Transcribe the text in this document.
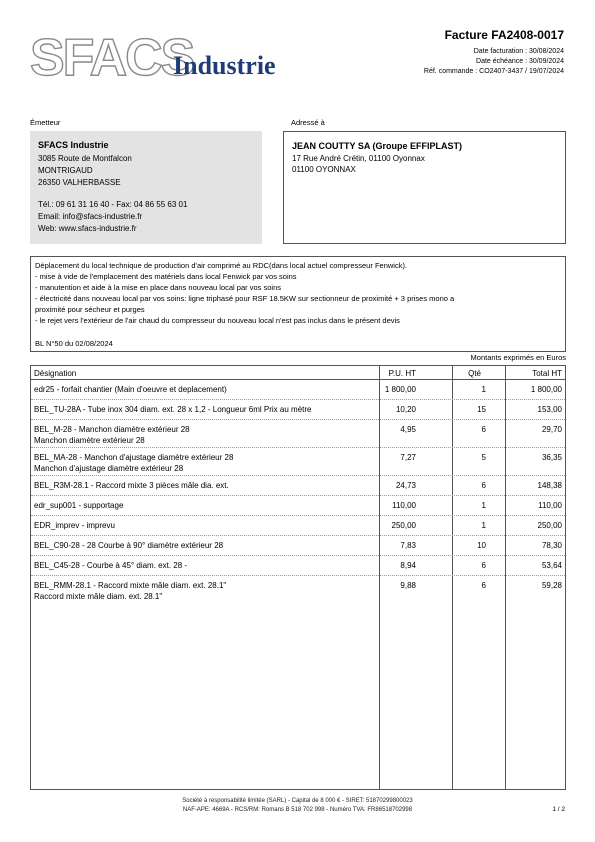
SFACS
Industrie
Facture FA2408-0017
Date facturation : 30/08/2024
Date échéance : 30/09/2024
Réf. commande : CO2407-3437 / 19/07/2024
Émetteur	Adressé à
SFACS Industrie
3085 Route de Montfalcon
MONTRIGAUD
26350 VALHERBASSE
Tél.: 09 61 31 16 40 - Fax: 04 86 55 63 01
Email: info@sfacs-industrie.fr
Web: www.sfacs-industrie.fr
JEAN COUTTY SA (Groupe EFFIPLAST)
17 Rue André Crétin, 01100 Oyonnax
01100 OYONNAX
Déplacement du local technique de production d'air comprimé au RDC(dans local actuel compresseur Fenwick).
- mise à vide de l'emplacement des matériels dans local Fenwick par vos soins
- manutention et aide à la mise en place dans nouveau local par vos soins
- électricité dans nouveau local par vos soins: ligne triphasé pour RSF 18.5KW sur sectionneur de proximité + 3 prises mono a
proximité pour sécheur et purges
- le rejet vers l'extérieur de l'air chaud du compresseur du nouveau local n'est pas inclus dans le présent devis
BL N°50 du 02/08/2024
Montants exprimés en Euros
Désignation	P.U. HT	Qté	Total HT
edr25 - forfait chantier (Main d'oeuvre et deplacement)	1 800,00	1	1 800,00
BEL_TU-28A - Tube inox 304 diam. ext. 28 x 1,2 - Longueur 6ml Prix au mètre	10,20	15	153,00
BEL_M-28 - Manchon diamètre extérieur 28
Manchon diamètre extérieur 28
4,95	6	29,70
BEL_MA-28 - Manchon d'ajustage diamètre extérieur 28
Manchon d'ajustage diamètre extérieur 28
7,27	5	36,35
BEL_R3M-28.1 - Raccord mixte 3 pièces mâle dia. ext.	24,73	6	148,38
edr_sup001 - supportage	110,00	1	110,00
EDR_imprev - imprevu	250,00	1	250,00
BEL_C90-28 - 28 Courbe à 90° diamètre extérieur 28	7,83	10	78,30
BEL_C45-28 - Courbe à 45° diam. ext. 28 -	8,94	6	53,64
BEL_RMM-28.1 - Raccord mixte mâle diam. ext. 28.1"
Raccord mixte mâle diam. ext. 28.1"
9,88	6	59,28
Société à responsabilité limitée (SARL) - Capital de 8 000 € - SIRET: 51870299800023
NAF-APE: 4669A - RCS/RM: Romans B 518 702 998 - Numéro TVA: FR86518702998	1 / 2
